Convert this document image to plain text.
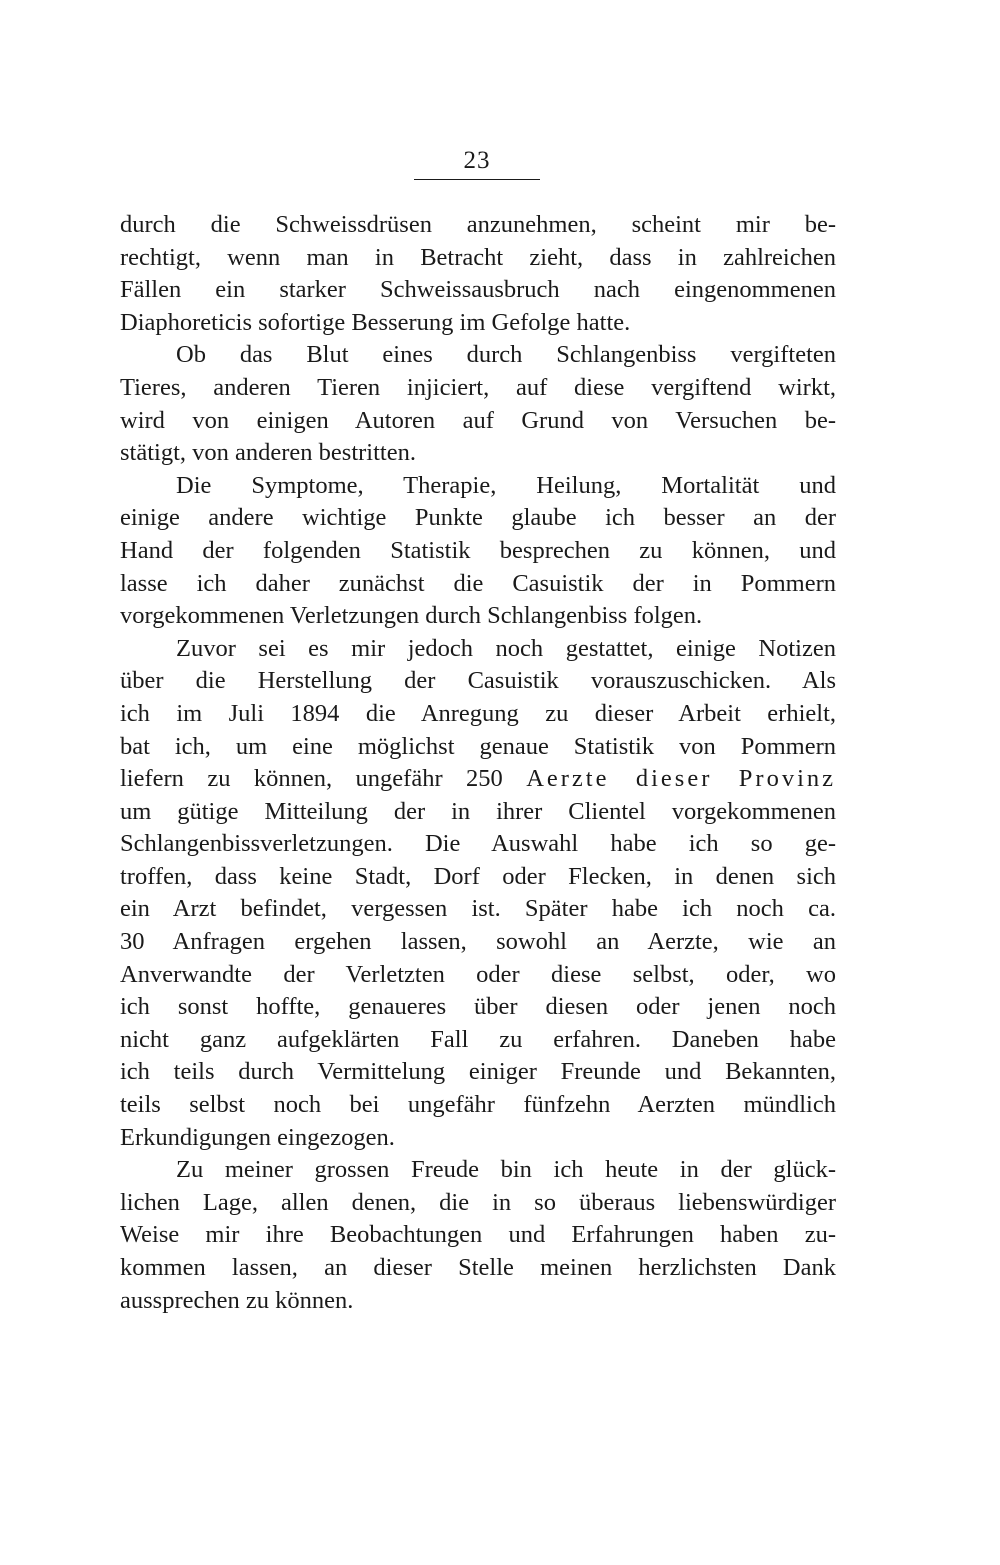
23
durch die Schweissdrüsen anzunehmen, scheint mir be-
rechtigt, wenn man in Betracht zieht, dass in zahlreichen
Fällen ein starker Schweissausbruch nach eingenommenen
Diaphoreticis sofortige Besserung im Gefolge hatte.
Ob das Blut eines durch Schlangenbiss vergifteten
Tieres, anderen Tieren injiciert, auf diese vergiftend wirkt,
wird von einigen Autoren auf Grund von Versuchen be-
stätigt, von anderen bestritten.
Die Symptome, Therapie, Heilung, Mortalität und
einige andere wichtige Punkte glaube ich besser an der
Hand der folgenden Statistik besprechen zu können, und
lasse ich daher zunächst die Casuistik der in Pommern
vorgekommenen Verletzungen durch Schlangenbiss folgen.
Zuvor sei es mir jedoch noch gestattet, einige Notizen
über die Herstellung der Casuistik vorauszuschicken. Als
ich im Juli 1894 die Anregung zu dieser Arbeit erhielt,
bat ich, um eine möglichst genaue Statistik von Pommern
liefern zu können, ungefähr 250 Aerzte dieser Provinz
um gütige Mitteilung der in ihrer Clientel vorgekommenen
Schlangenbissverletzungen. Die Auswahl habe ich so ge-
troffen, dass keine Stadt, Dorf oder Flecken, in denen sich
ein Arzt befindet, vergessen ist. Später habe ich noch ca.
30 Anfragen ergehen lassen, sowohl an Aerzte, wie an
Anverwandte der Verletzten oder diese selbst, oder, wo
ich sonst hoffte, genaueres über diesen oder jenen noch
nicht ganz aufgeklärten Fall zu erfahren. Daneben habe
ich teils durch Vermittelung einiger Freunde und Bekannten,
teils selbst noch bei ungefähr fünfzehn Aerzten mündlich
Erkundigungen eingezogen.
Zu meiner grossen Freude bin ich heute in der glück-
lichen Lage, allen denen, die in so überaus liebenswürdiger
Weise mir ihre Beobachtungen und Erfahrungen haben zu-
kommen lassen, an dieser Stelle meinen herzlichsten Dank
aussprechen zu können.
